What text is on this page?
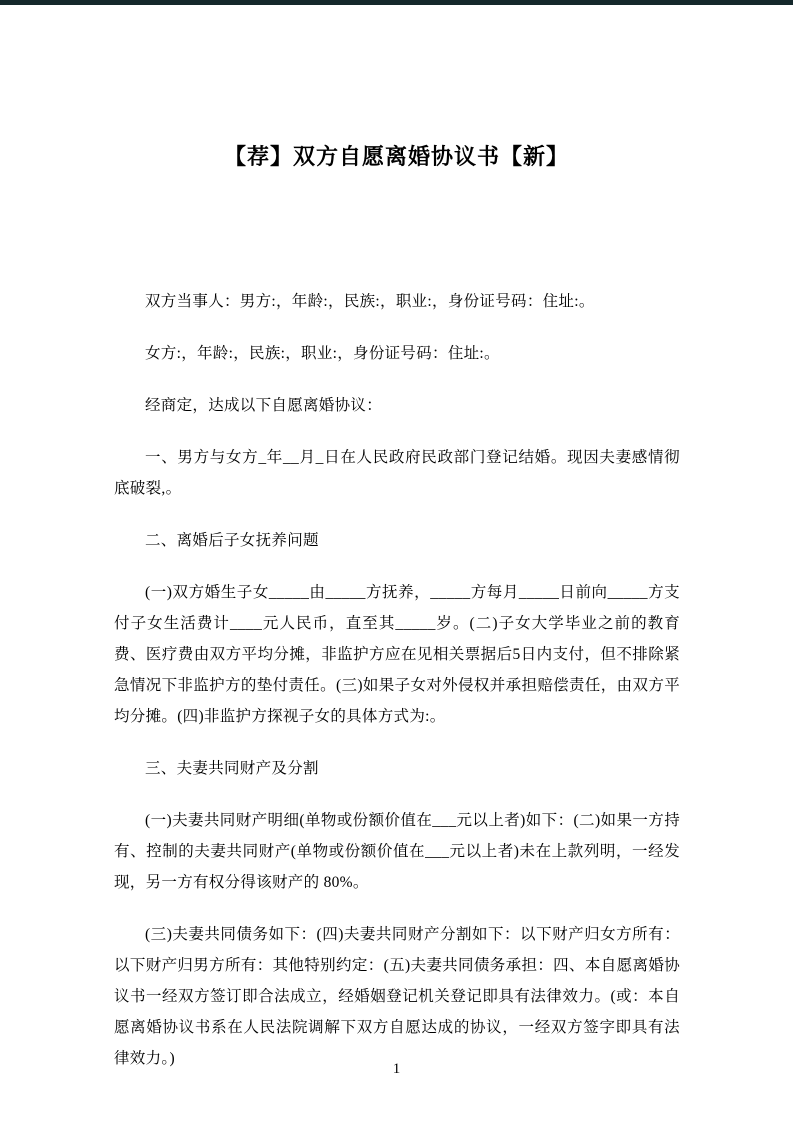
【荐】双方自愿离婚协议书【新】

双方当事人：男方:，年龄:，民族:，职业:，身份证号码：住址:。

女方:，年龄:，民族:，职业:，身份证号码：住址:。

经商定，达成以下自愿离婚协议：

一、男方与女方_年__月_日在人民政府民政部门登记结婚。现因夫妻感情彻底破裂,。

二、离婚后子女抚养问题

(一)双方婚生子女_____由_____方抚养，_____方每月_____日前向_____方支付子女生活费计____元人民币，直至其_____岁。(二)子女大学毕业之前的教育费、医疗费由双方平均分摊，非监护方应在见相关票据后5日内支付，但不排除紧急情况下非监护方的垫付责任。(三)如果子女对外侵权并承担赔偿责任，由双方平均分摊。(四)非监护方探视子女的具体方式为:。

三、夫妻共同财产及分割

(一)夫妻共同财产明细(单物或份额价值在___元以上者)如下：(二)如果一方持有、控制的夫妻共同财产(单物或份额价值在___元以上者)未在上款列明，一经发现，另一方有权分得该财产的 80%。

(三)夫妻共同债务如下：(四)夫妻共同财产分割如下：以下财产归女方所有：以下财产归男方所有：其他特别约定：(五)夫妻共同债务承担：四、本自愿离婚协议书一经双方签订即合法成立，经婚姻登记机关登记即具有法律效力。(或：本自愿离婚协议书系在人民法院调解下双方自愿达成的协议，一经双方签字即具有法律效力。)

1
